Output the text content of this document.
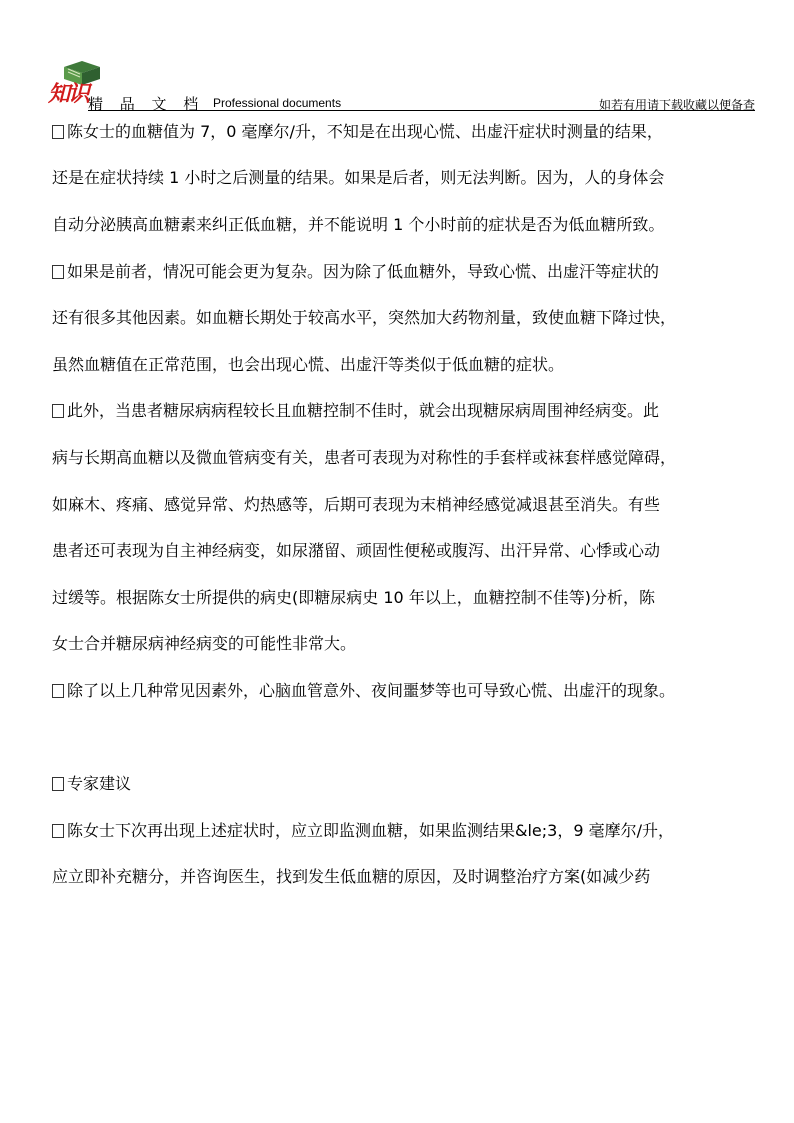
知识 精 品 文 档 Professional documents	如若有用请下载收藏以便备查
陈女士的血糖值为 7，0 毫摩尔/升，不知是在出现心慌、出虚汗症状时测量的结果，
还是在症状持续 1 小时之后测量的结果。如果是后者，则无法判断。因为，人的身体会
自动分泌胰高血糖素来纠正低血糖，并不能说明 1 个小时前的症状是否为低血糖所致。
如果是前者，情况可能会更为复杂。因为除了低血糖外，导致心慌、出虚汗等症状的
还有很多其他因素。如血糖长期处于较高水平，突然加大药物剂量，致使血糖下降过快，
虽然血糖值在正常范围，也会出现心慌、出虚汗等类似于低血糖的症状。
此外，当患者糖尿病病程较长且血糖控制不佳时，就会出现糖尿病周围神经病变。此
病与长期高血糖以及微血管病变有关，患者可表现为对称性的手套样或袜套样感觉障碍，
如麻木、疼痛、感觉异常、灼热感等，后期可表现为末梢神经感觉减退甚至消失。有些
患者还可表现为自主神经病变，如尿潴留、顽固性便秘或腹泻、出汗异常、心悸或心动
过缓等。根据陈女士所提供的病史(即糖尿病史 10 年以上，血糖控制不佳等)分析，陈
女士合并糖尿病神经病变的可能性非常大。
除了以上几种常见因素外，心脑血管意外、夜间噩梦等也可导致心慌、出虚汗的现象。
专家建议
陈女士下次再出现上述症状时，应立即监测血糖，如果监测结果&le;3，9 毫摩尔/升，
应立即补充糖分，并咨询医生，找到发生低血糖的原因，及时调整治疗方案(如减少药
